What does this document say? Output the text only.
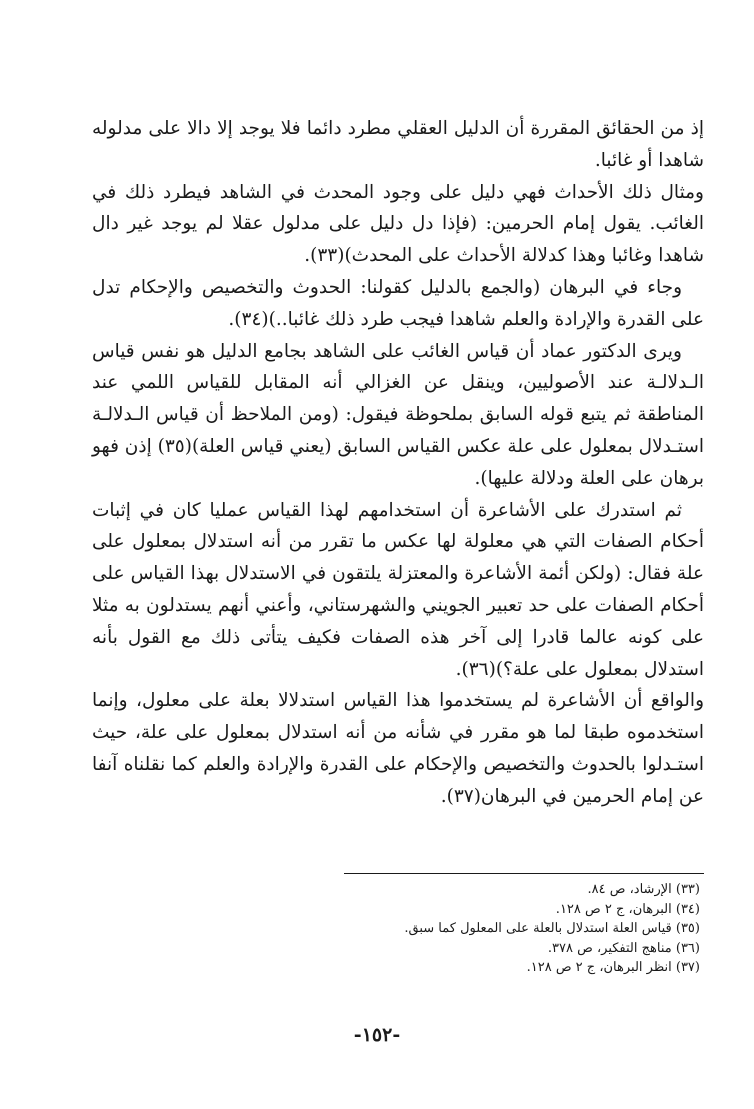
إذ من الحقائق المقررة أن الدليل العقلي مطرد دائما فلا يوجد إلا دالا على مدلوله شاهدا أو غائبا.

ومثال ذلك الأحداث فهي دليل على وجود المحدث في الشاهد فيطرد ذلك في الغائب. يقول إمام الحرمين: (فإذا دل دليل على مدلول عقلا لم يوجد غير دال شاهدا وغائبا وهذا كدلالة الأحداث على المحدث)(٣٣).

وجاء في البرهان (والجمع بالدليل كقولنا: الحدوث والتخصيص والإحكام تدل على القدرة والإرادة والعلم شاهدا فيجب طرد ذلك غائبا..)(٣٤).

ويرى الدكتور عماد أن قياس الغائب على الشاهد بجامع الدليل هو نفس قياس الـدلالـة عند الأصوليين، وينقل عن الغزالي أنه المقابل للقياس اللمي عند المناطقة ثم يتبع قوله السابق بملحوظة فيقول: (ومن الملاحظ أن قياس الـدلالـة استـدلال بمعلول على علة عكس القياس السابق (يعني قياس العلة)(٣٥) إذن فهو برهان على العلة ودلالة عليها).

ثم استدرك على الأشاعرة أن استخدامهم لهذا القياس عمليا كان في إثبات أحكام الصفات التي هي معلولة لها عكس ما تقرر من أنه استدلال بمعلول على علة فقال: (ولكن أئمة الأشاعرة والمعتزلة يلتقون في الاستدلال بهذا القياس على أحكام الصفات على حد تعبير الجويني والشهرستاني، وأعني أنهم يستدلون به مثلا على كونه عالما قادرا إلى آخر هذه الصفات فكيف يتأتى ذلك مع القول بأنه استدلال بمعلول على علة؟)(٣٦).

والواقع أن الأشاعرة لم يستخدموا هذا القياس استدلالا بعلة على معلول، وإنما استخدموه طبقا لما هو مقرر في شأنه من أنه استدلال بمعلول على علة، حيث استـدلوا بالحدوث والتخصيص والإحكام على القدرة والإرادة والعلم كما نقلناه آنفا عن إمام الحرمين في البرهان(٣٧).

(٣٣) الإرشاد، ص ٨٤.
(٣٤) البرهان، ج ٢ ص ١٢٨.
(٣٥) قياس العلة استدلال بالعلة على المعلول كما سبق.
(٣٦) مناهج التفكير، ص ٣٧٨.
(٣٧) انظر البرهان، ج ٢ ص ١٢٨.
-١٥٢-
